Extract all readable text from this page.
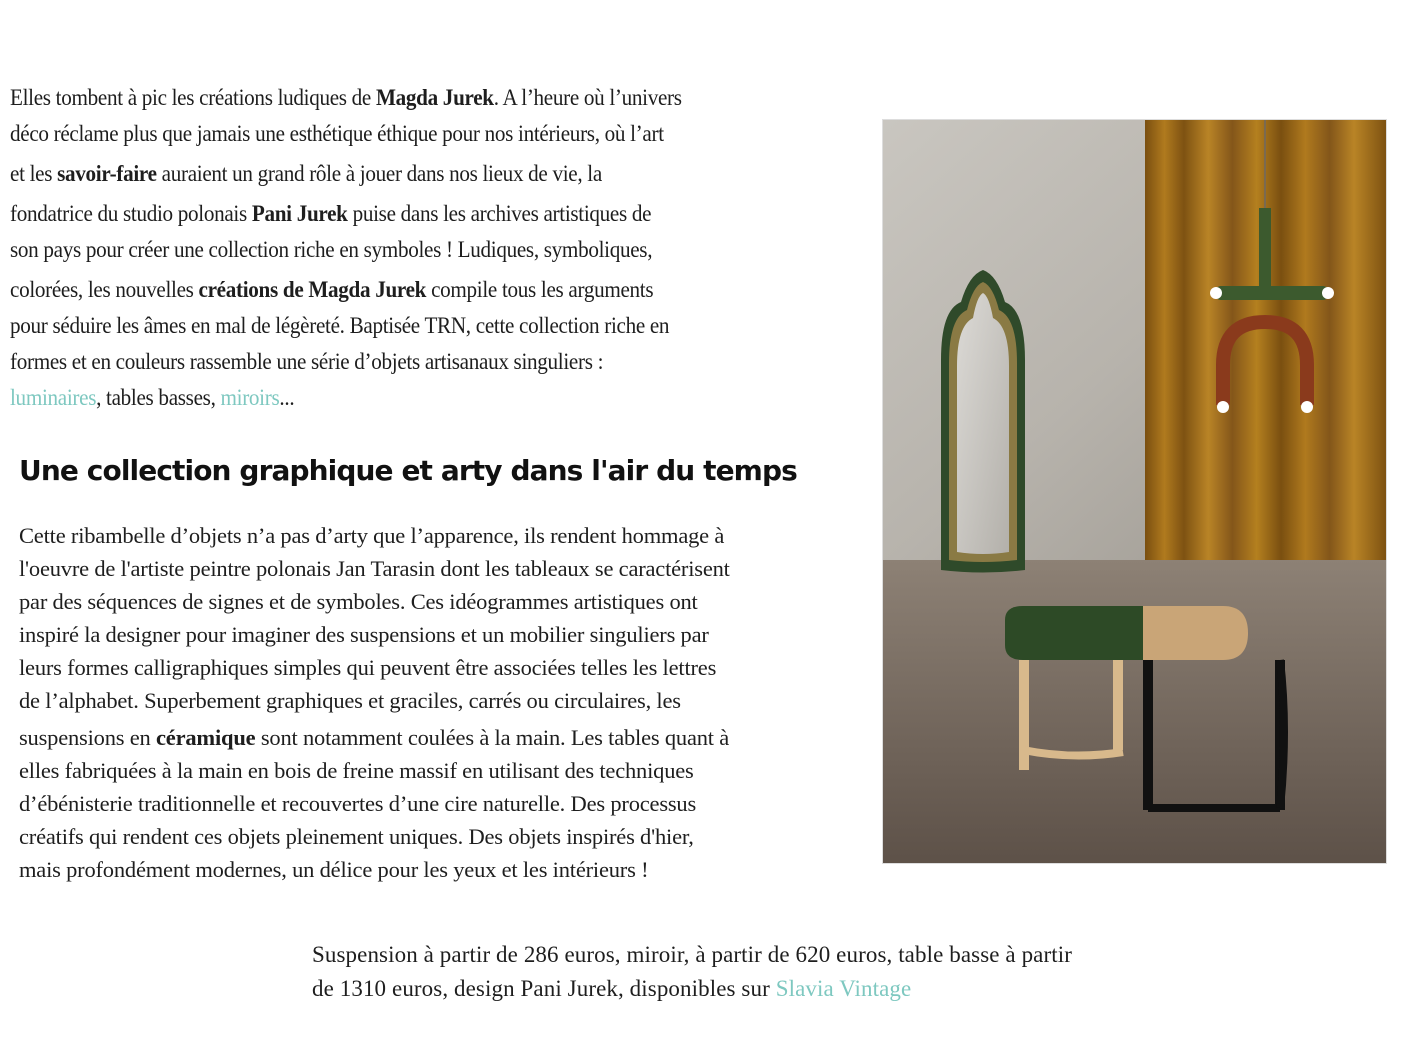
Elles tombent à pic les créations ludiques de Magda Jurek. A l’heure où l’univers
déco réclame plus que jamais une esthétique éthique pour nos intérieurs, où l’art
et les savoir-faire auraient un grand rôle à jouer dans nos lieux de vie, la
fondatrice du studio polonais Pani Jurek puise dans les archives artistiques de
son pays pour créer une collection riche en symboles ! Ludiques, symboliques,
colorées, les nouvelles créations de Magda Jurek compile tous les arguments
pour séduire les âmes en mal de légèreté. Baptisée TRN, cette collection riche en
formes et en couleurs rassemble une série d’objets artisanaux singuliers :
luminaires, tables basses, miroirs...
Une collection graphique et arty dans l'air du temps
Cette ribambelle d’objets n’a pas d’arty que l’apparence, ils rendent hommage à
l'oeuvre de l'artiste peintre polonais Jan Tarasin dont les tableaux se caractérisent
par des séquences de signes et de symboles. Ces idéogrammes artistiques ont
inspiré la designer pour imaginer des suspensions et un mobilier singuliers par
leurs formes calligraphiques simples qui peuvent être associées telles les lettres
de l’alphabet. Superbement graphiques et graciles, carrés ou circulaires, les
suspensions en céramique sont notamment coulées à la main. Les tables quant à
elles fabriquées à la main en bois de freine massif en utilisant des techniques
d’ébénisterie traditionnelle et recouvertes d’une cire naturelle. Des processus
créatifs qui rendent ces objets pleinement uniques. Des objets inspirés d'hier,
mais profondément modernes, un délice pour les yeux et les intérieurs !
Suspension à partir de 286 euros, miroir, à partir de 620 euros, table basse à partir
de 1310 euros, design Pani Jurek, disponibles sur Slavia Vintage
